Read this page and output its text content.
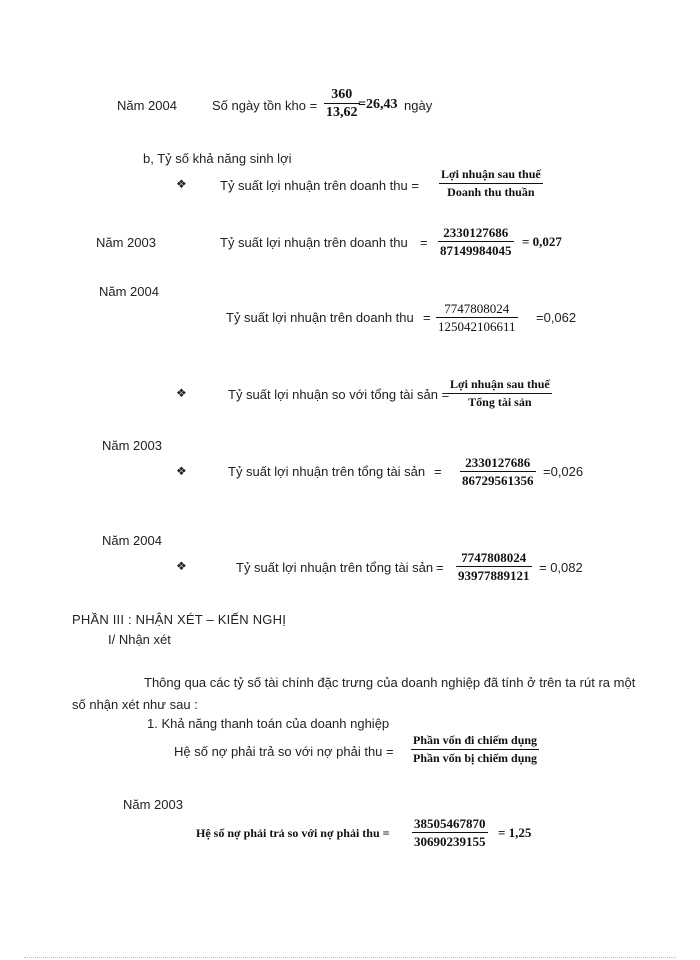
Năm 2004	Số ngày tồn kho =
360
13,62
=26,43 ngày
b, Tỷ số khả năng sinh lợi
❖	Tỷ suất lợi nhuận trên doanh thu =
Lợi nhuận sau thuế
Doanh thu thuần
Năm 2003	Tỷ suất lợi nhuận trên doanh thu =
2330127686
87149984045
= 0,027
Năm 2004
Tỷ suất lợi nhuận trên doanh thu =
7747808024
125042106611
=0,062
❖	Tỷ suất lợi nhuận so với tổng tài sản =
Lợi nhuận sau thuế
Tổng tài sản
Năm 2003
❖	Tỷ suất lợi nhuận trên tổng tài sản =
2330127686
86729561356
=0,026
Năm 2004
❖	Tỷ suất lợi nhuận trên tổng tài sản =
7747808024
93977889121
= 0,082
PHẦN III : NHẬN XÉT – KIẾN NGHỊ
I/ Nhận xét
Thông qua các tỷ số tài chính đặc trưng của doanh nghiệp đã tính ở trên ta rút ra một số nhận xét như sau :
1. Khả năng thanh toán của doanh nghiệp
Hệ số nợ phải trả so với nợ phải thu =
Phần vốn đi chiếm dụng
Phần vốn bị chiếm dụng
Năm 2003
Hệ số nợ phải trả so với nợ phải thu =
38505467870
30690239155
= 1,25
